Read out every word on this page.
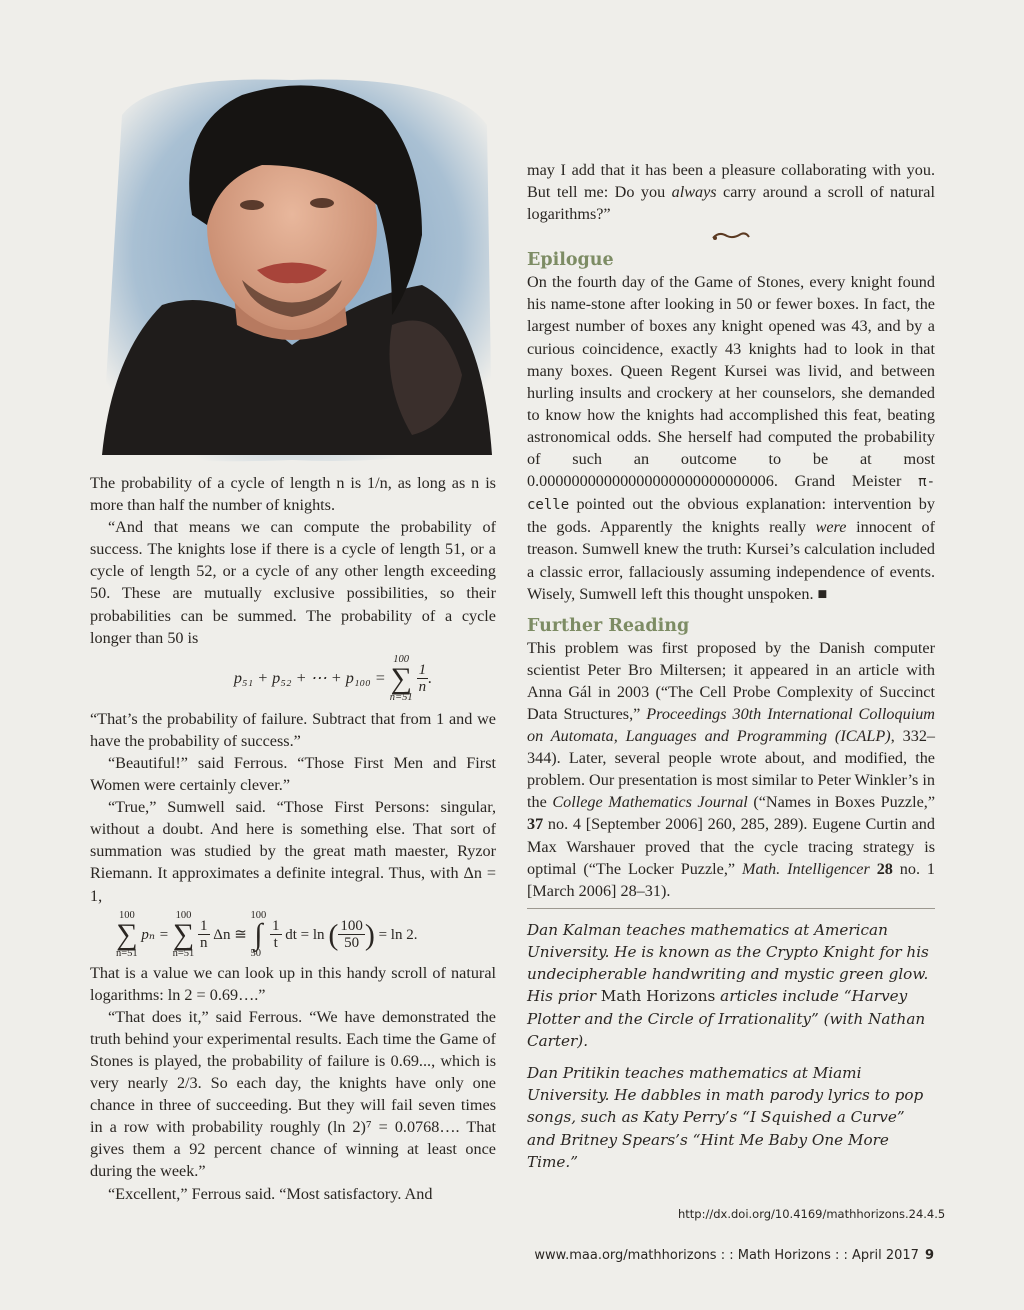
The probability of a cycle of length n is 1/n, as long as n is more than half the number of knights.

“And that means we can compute the probability of success. The knights lose if there is a cycle of length 51, or a cycle of length 52, or a cycle of any other length exceeding 50. These are mutually exclusive possibilities, so their probabilities can be summed. The probability of a cycle longer than 50 is

p₅₁ + p₅₂ + ⋯ + p₁₀₀ =
100
∑
n=51

$\frac{1}{n}$ .

“That’s the probability of failure. Subtract that from 1 and we have the probability of success.”

“Beautiful!” said Ferrous. “Those First Men and First Women were certainly clever.”

“True,” Sumwell said. “Those First Persons: singular, without a doubt. And here is something else. That sort of summation was studied by the great math maester, Ryzor Riemann. It approximates a definite integral. Thus, with Δn = 1,

100
∑
n=51
pₙ =
100
∑
n=51

$\frac{1}{n}$ Δn ≅
100
∫
50

$\frac{1}{t}$ dt = ln ( $\frac{100}{50}$ ) = ln 2.

That is a value we can look up in this handy scroll of natural logarithms: ln 2 = 0.69….”

“That does it,” said Ferrous. “We have demonstrated the truth behind your experimental results. Each time the Game of Stones is played, the probability of failure is 0.69..., which is very nearly 2/3. So each day, the knights have only one chance in three of succeeding. But they will fail seven times in a row with probability roughly (ln 2)⁷ = 0.0768…. That gives them a 92 percent chance of winning at least once during the week.”

“Excellent,” Ferrous said. “Most satisfactory. And

may I add that it has been a pleasure collaborating with you. But tell me: Do you always carry around a scroll of natural logarithms?”

Epilogue

On the fourth day of the Game of Stones, every knight found his name-stone after looking in 50 or fewer boxes. In fact, the largest number of boxes any knight opened was 43, and by a curious coincidence, exactly 43 knights had to look in that many boxes. Queen Regent Kursei was livid, and between hurling insults and crockery at her counselors, she demanded to know how the knights had accomplished this feat, beating astronomical odds. She herself had computed the probability of such an outcome to be at most 0.00000000000000000000000000006. Grand Meister π-celle pointed out the obvious explanation: intervention by the gods. Apparently the knights really were innocent of treason. Sumwell knew the truth: Kursei’s calculation included a classic error, fallaciously assuming independence of events. Wisely, Sumwell left this thought unspoken. ■

Further Reading

This problem was first proposed by the Danish computer scientist Peter Bro Miltersen; it appeared in an article with Anna Gál in 2003 (“The Cell Probe Complexity of Succinct Data Structures,” Proceedings 30th International Colloquium on Automata, Languages and Programming (ICALP), 332–344). Later, several people wrote about, and modified, the problem. Our presentation is most similar to Peter Winkler’s in the College Mathematics Journal (“Names in Boxes Puzzle,” 37 no. 4 [September 2006] 260, 285, 289). Eugene Curtin and Max Warshauer proved that the cycle tracing strategy is optimal (“The Locker Puzzle,” Math. Intelligencer 28 no. 1 [March 2006] 28–31).

Dan Kalman teaches mathematics at American University. He is known as the Crypto Knight for his undecipherable handwriting and mystic green glow. His prior Math Horizons articles include “Harvey Plotter and the Circle of Irrationality” (with Nathan Carter).

Dan Pritikin teaches mathematics at Miami University. He dabbles in math parody lyrics to pop songs, such as Katy Perry’s “I Squished a Curve” and Britney Spears’s “Hint Me Baby One More Time.”

http://dx.doi.org/10.4169/mathhorizons.24.4.5
www.maa.org/mathhorizons : : Math Horizons : : April 2017 9
